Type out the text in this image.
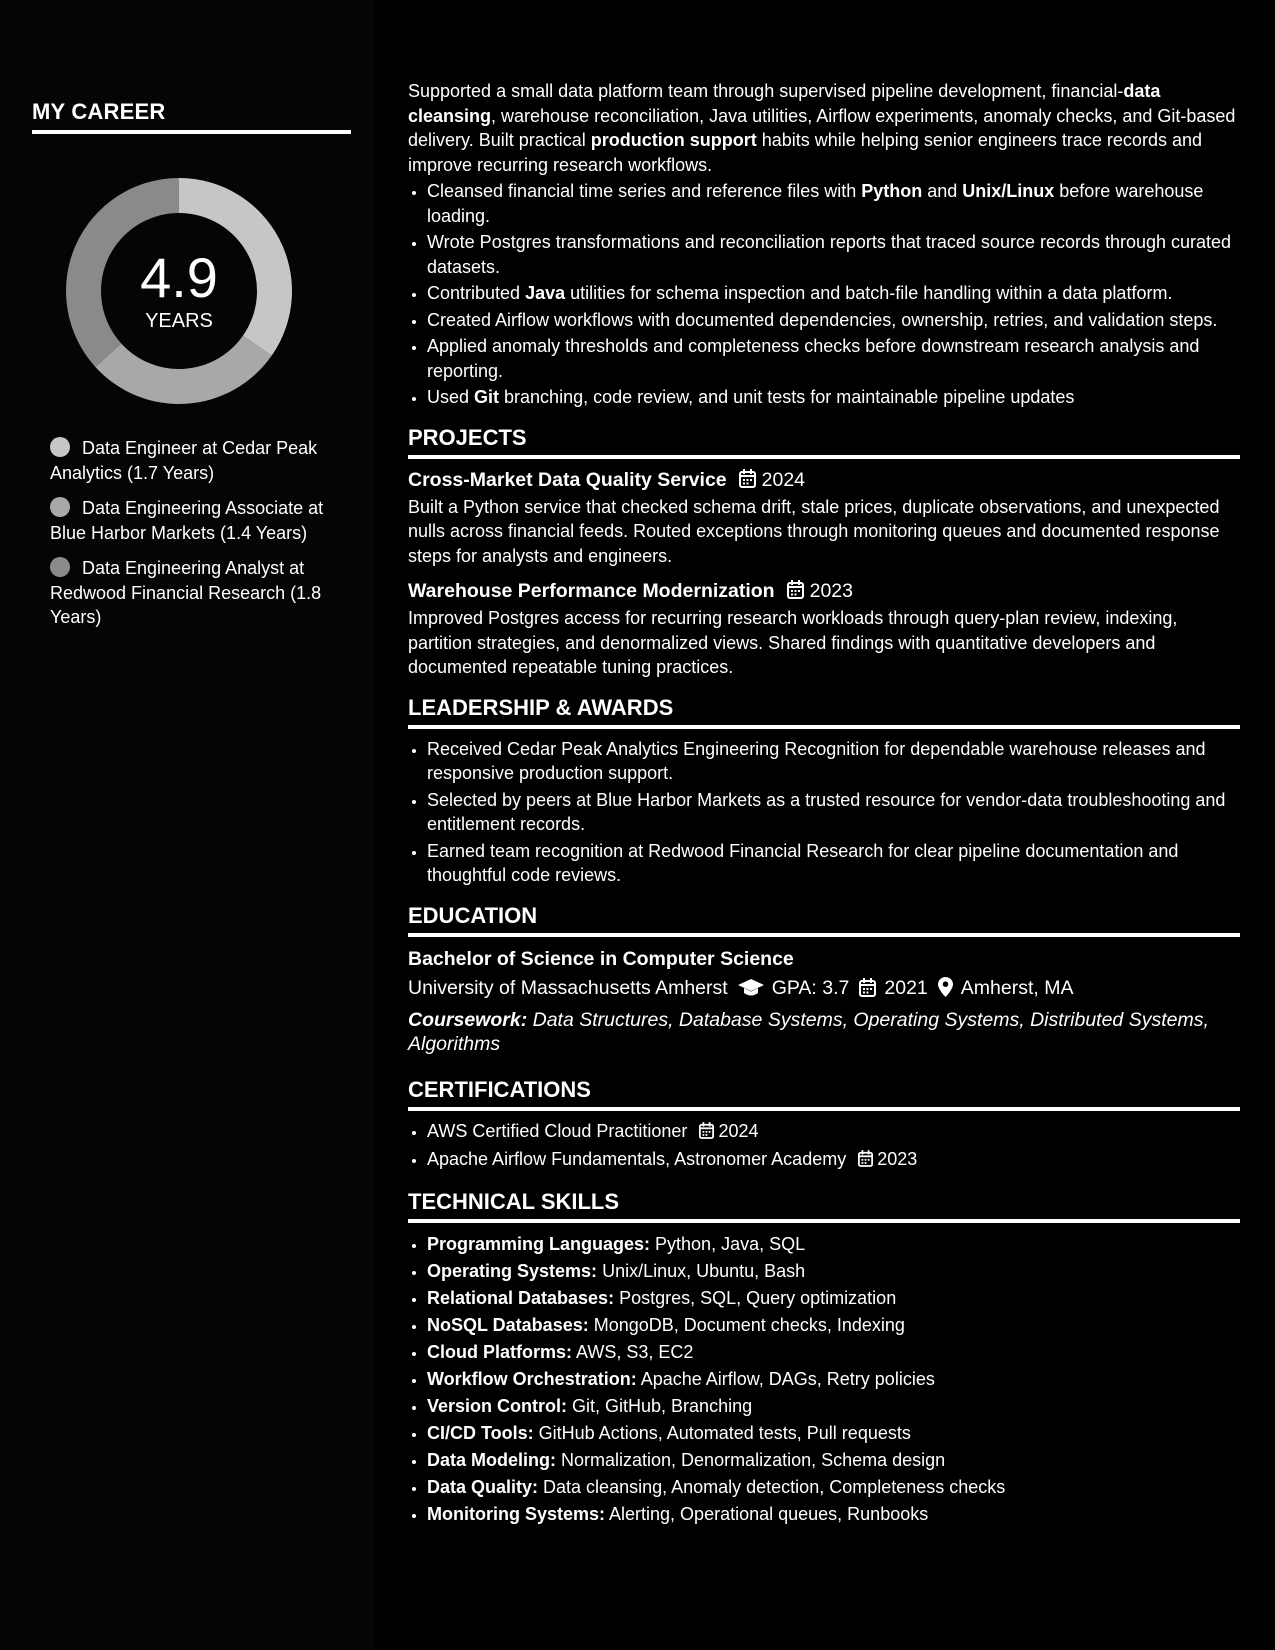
MY CAREER
4.9
YEARS
Data Engineer at Cedar Peak Analytics (1.7 Years)
Data Engineering Associate at Blue Harbor Markets (1.4 Years)
Data Engineering Analyst at Redwood Financial Research (1.8 Years)

Supported a small data platform team through supervised pipeline development, financial-data cleansing, warehouse reconciliation, Java utilities, Airflow experiments, anomaly checks, and Git-based delivery. Built practical production support habits while helping senior engineers trace records and improve recurring research workflows.

• Cleansed financial time series and reference files with Python and Unix/Linux before warehouse loading.
• Wrote Postgres transformations and reconciliation reports that traced source records through curated datasets.
• Contributed Java utilities for schema inspection and batch-file handling within a data platform.
• Created Airflow workflows with documented dependencies, ownership, retries, and validation steps.
• Applied anomaly thresholds and completeness checks before downstream research analysis and reporting.
• Used Git branching, code review, and unit tests for maintainable pipeline updates
PROJECTS
Cross-Market Data Quality Service 2024

Built a Python service that checked schema drift, stale prices, duplicate observations, and unexpected nulls across financial feeds. Routed exceptions through monitoring queues and documented response steps for analysts and engineers.

Warehouse Performance Modernization 2023

Improved Postgres access for recurring research workloads through query-plan review, indexing, partition strategies, and denormalized views. Shared findings with quantitative developers and documented repeatable tuning practices.

LEADERSHIP & AWARDS
• Received Cedar Peak Analytics Engineering Recognition for dependable warehouse releases and responsive production support.
• Selected by peers at Blue Harbor Markets as a trusted resource for vendor-data troubleshooting and entitlement records.
• Earned team recognition at Redwood Financial Research for clear pipeline documentation and thoughtful code reviews.
EDUCATION
Bachelor of Science in Computer Science
University of Massachusetts Amherst GPA: 3.7 2021 Amherst, MA
Coursework: Data Structures, Database Systems, Operating Systems, Distributed Systems, Algorithms
CERTIFICATIONS
• AWS Certified Cloud Practitioner 2024
• Apache Airflow Fundamentals, Astronomer Academy 2023
TECHNICAL SKILLS
• Programming Languages: Python, Java, SQL
• Operating Systems: Unix/Linux, Ubuntu, Bash
• Relational Databases: Postgres, SQL, Query optimization
• NoSQL Databases: MongoDB, Document checks, Indexing
• Cloud Platforms: AWS, S3, EC2
• Workflow Orchestration: Apache Airflow, DAGs, Retry policies
• Version Control: Git, GitHub, Branching
• CI/CD Tools: GitHub Actions, Automated tests, Pull requests
• Data Modeling: Normalization, Denormalization, Schema design
• Data Quality: Data cleansing, Anomaly detection, Completeness checks
• Monitoring Systems: Alerting, Operational queues, Runbooks
